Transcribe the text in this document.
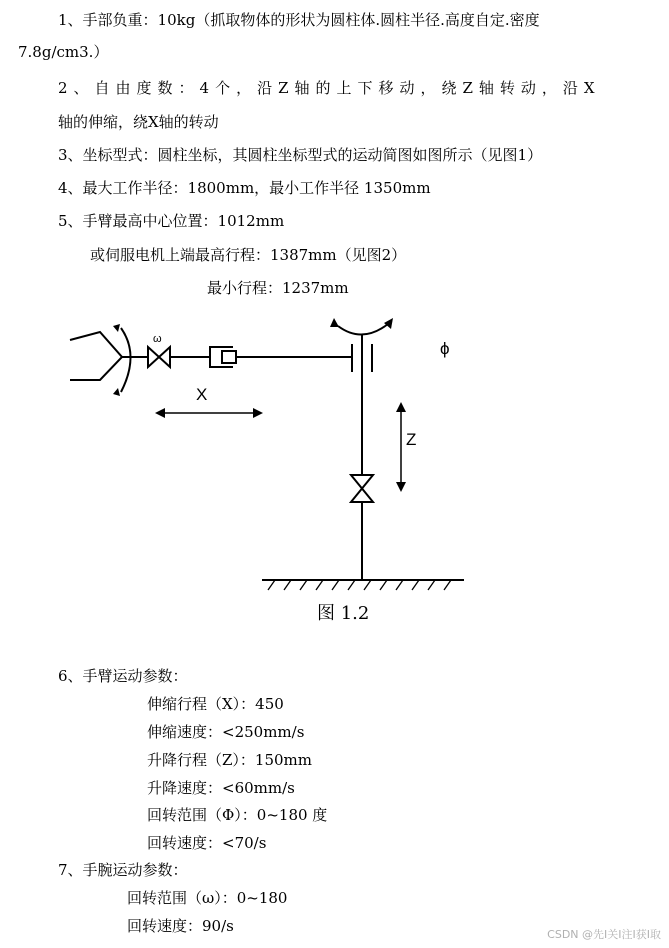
1、手部负重：10kg（抓取物体的形状为圆柱体.圆柱半径.高度自定.密度
7.8g/cm3.）
2、自由度数：4个，沿Z轴的上下移动，绕Z轴转动，沿X
轴的伸缩，绕X轴的转动
3、坐标型式：圆柱坐标，其圆柱坐标型式的运动简图如图所示（见图1）
4、最大工作半径：1800mm，最小工作半径 1350mm
5、手臂最高中心位置：1012mm
或伺服电机上端最高行程：1387mm（见图2）
最小行程：1237mm
ω
X
Z
ϕ
图 1.2
6、手臂运动参数：
伸缩行程（X）：450
伸缩速度：<250mm/s
升降行程（Z）：150mm
升降速度：<60mm/s
回转范围（Φ）：0~180 度
回转速度：<70/s
7、手腕运动参数：
回转范围（ω）：0~180
回转速度：90/s	CSDN @先I关I注I获I取
